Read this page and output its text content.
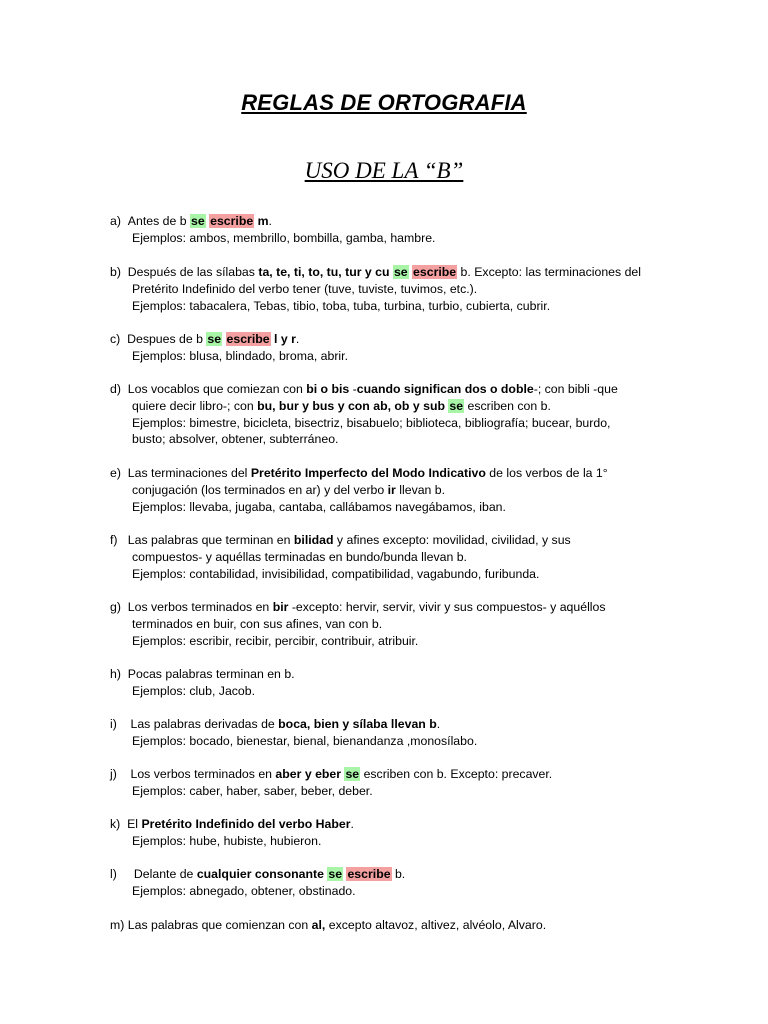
REGLAS DE ORTOGRAFIA
USO DE LA “B”
a) Antes de b se escribe m.
Ejemplos: ambos, membrillo, bombilla, gamba, hambre.
b) Después de las sílabas ta, te, ti, to, tu, tur y cu se escribe b. Excepto: las terminaciones del
Pretérito Indefinido del verbo tener (tuve, tuviste, tuvimos, etc.).
Ejemplos: tabacalera, Tebas, tibio, toba, tuba, turbina, turbio, cubierta, cubrir.
c) Despues de b se escribe l y r.
Ejemplos: blusa, blindado, broma, abrir.
d) Los vocablos que comiezan con bi o bis -cuando significan dos o doble-; con bibli -que
quiere decir libro-; con bu, bur y bus y con ab, ob y sub se escriben con b.
Ejemplos: bimestre, bicicleta, bisectriz, bisabuelo; biblioteca, bibliografía; bucear, burdo,
busto; absolver, obtener, subterráneo.
e) Las terminaciones del Pretérito Imperfecto del Modo Indicativo de los verbos de la 1°
conjugación (los terminados en ar) y del verbo ir llevan b.
Ejemplos: llevaba, jugaba, cantaba, callábamos navegábamos, iban.
f) Las palabras que terminan en bilidad y afines excepto: movilidad, civilidad, y sus
compuestos- y aquéllas terminadas en bundo/bunda llevan b.
Ejemplos: contabilidad, invisibilidad, compatibilidad, vagabundo, furibunda.
g) Los verbos terminados en bir -excepto: hervir, servir, vivir y sus compuestos- y aquéllos
terminados en buir, con sus afines, van con b.
Ejemplos: escribir, recibir, percibir, contribuir, atribuir.
h) Pocas palabras terminan en b.
Ejemplos: club, Jacob.
i) Las palabras derivadas de boca, bien y sílaba llevan b.
Ejemplos: bocado, bienestar, bienal, bienandanza ,monosílabo.
j) Los verbos terminados en aber y eber se escriben con b. Excepto: precaver.
Ejemplos: caber, haber, saber, beber, deber.
k) El Pretérito Indefinido del verbo Haber.
Ejemplos: hube, hubiste, hubieron.
l) Delante de cualquier consonante se escribe b.
Ejemplos: abnegado, obtener, obstinado.
m) Las palabras que comienzan con al, excepto altavoz, altivez, alvéolo, Alvaro.
